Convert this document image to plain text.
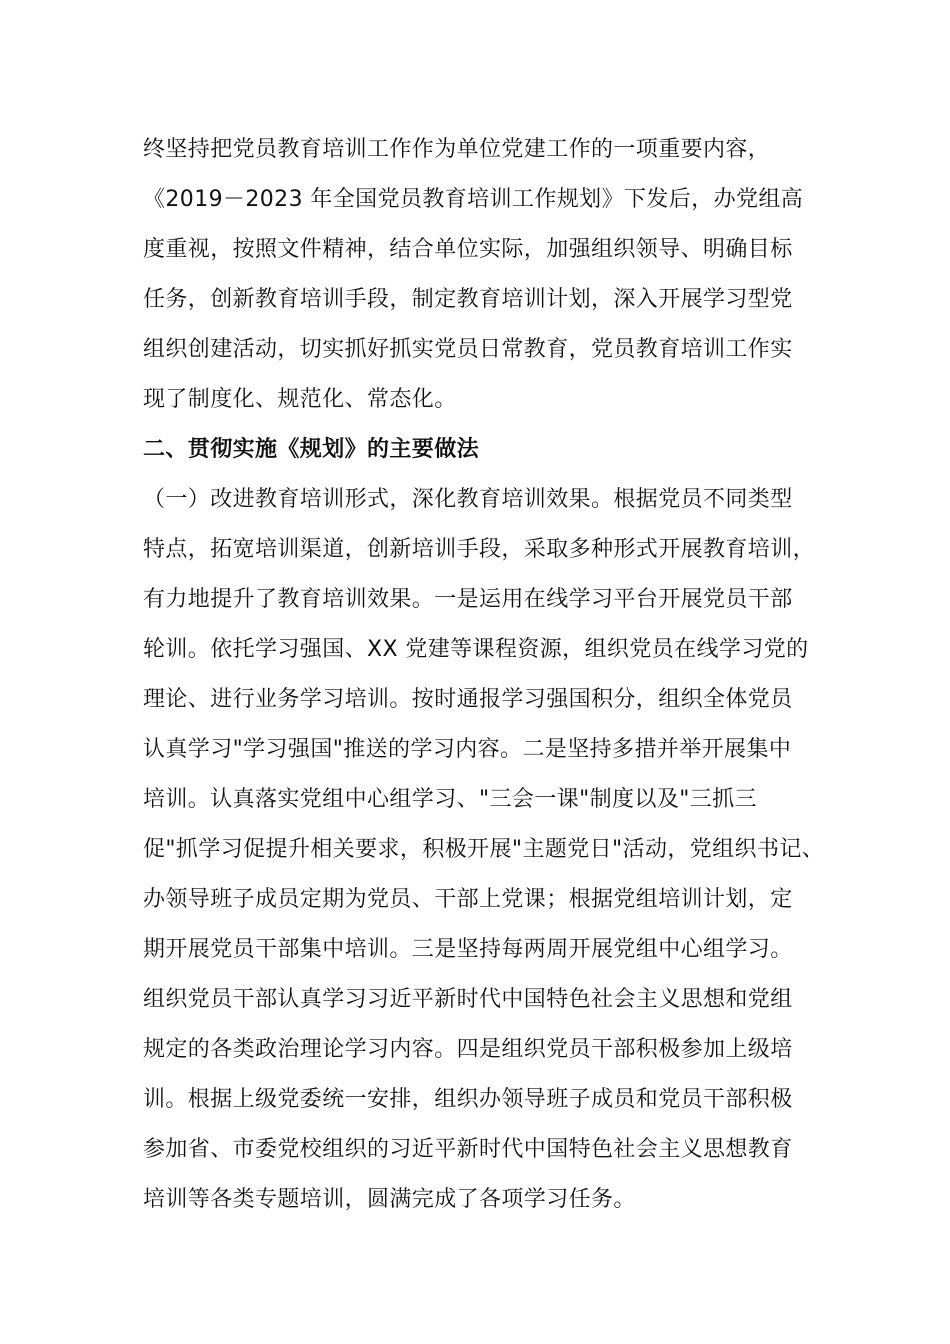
终坚持把党员教育培训工作作为单位党建工作的一项重要内容，
《2019－2023 年全国党员教育培训工作规划》下发后，办党组高
度重视，按照文件精神，结合单位实际，加强组织领导、明确目标
任务，创新教育培训手段，制定教育培训计划，深入开展学习型党
组织创建活动，切实抓好抓实党员日常教育，党员教育培训工作实
现了制度化、规范化、常态化。
二、贯彻实施《规划》的主要做法
（一）改进教育培训形式，深化教育培训效果。根据党员不同类型
特点，拓宽培训渠道，创新培训手段，采取多种形式开展教育培训，
有力地提升了教育培训效果。一是运用在线学习平台开展党员干部
轮训。依托学习强国、XX 党建等课程资源，组织党员在线学习党的
理论、进行业务学习培训。按时通报学习强国积分，组织全体党员
认真学习"学习强国"推送的学习内容。二是坚持多措并举开展集中
培训。认真落实党组中心组学习、"三会一课"制度以及"三抓三
促"抓学习促提升相关要求，积极开展"主题党日"活动，党组织书记、
办领导班子成员定期为党员、干部上党课；根据党组培训计划，定
期开展党员干部集中培训。三是坚持每两周开展党组中心组学习。
组织党员干部认真学习习近平新时代中国特色社会主义思想和党组
规定的各类政治理论学习内容。四是组织党员干部积极参加上级培
训。根据上级党委统一安排，组织办领导班子成员和党员干部积极
参加省、市委党校组织的习近平新时代中国特色社会主义思想教育
培训等各类专题培训，圆满完成了各项学习任务。
